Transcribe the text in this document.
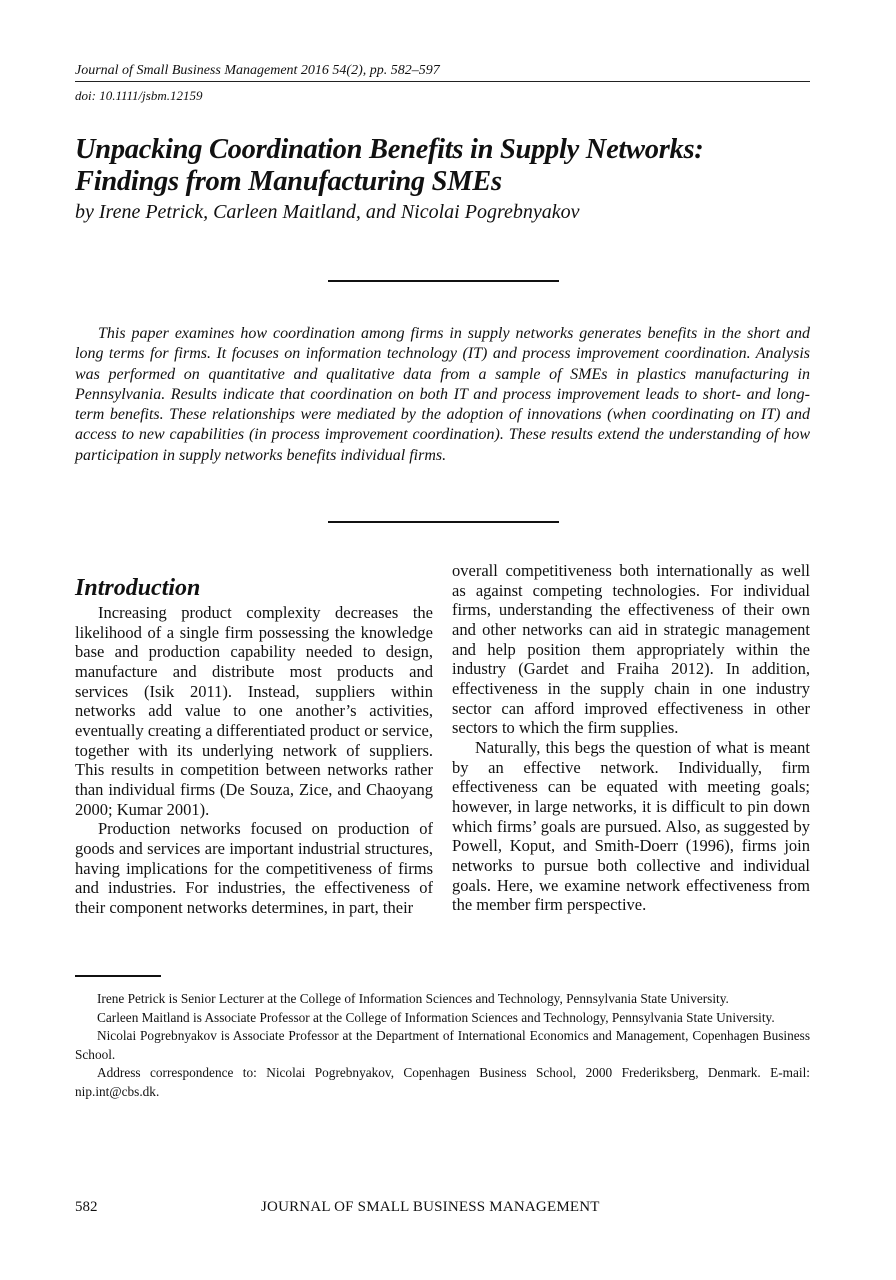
Journal of Small Business Management 2016 54(2), pp. 582–597
doi: 10.1111/jsbm.12159
Unpacking Coordination Benefits in Supply Networks:
Findings from Manufacturing SMEs
by Irene Petrick, Carleen Maitland, and Nicolai Pogrebnyakov
This paper examines how coordination among firms in supply networks generates benefits in the short and long terms for firms. It focuses on information technology (IT) and process improvement coordination. Analysis was performed on quantitative and qualitative data from a sample of SMEs in plastics manufacturing in Pennsylvania. Results indicate that coordination on both IT and process improvement leads to short- and long-term benefits. These relationships were mediated by the adoption of innovations (when coordinating on IT) and access to new capabilities (in process improvement coordination). These results extend the understanding of how participation in supply networks benefits individual firms.
Introduction

Increasing product complexity decreases the likelihood of a single firm possessing the knowledge base and production capability needed to design, manufacture and distribute most products and services (Isik 2011). Instead, suppliers within networks add value to one another’s activities, eventually creating a differentiated product or service, together with its underlying network of suppliers. This results in competition between networks rather than individual firms (De Souza, Zice, and Chaoyang 2000; Kumar 2001).

Production networks focused on production of goods and services are important industrial structures, having implications for the competitiveness of firms and industries. For industries, the effectiveness of their component networks determines, in part, their

overall competitiveness both internationally as well as against competing technologies. For individual firms, understanding the effectiveness of their own and other networks can aid in strategic management and help position them appropriately within the industry (Gardet and Fraiha 2012). In addition, effectiveness in the supply chain in one industry sector can afford improved effectiveness in other sectors to which the firm supplies.

Naturally, this begs the question of what is meant by an effective network. Individually, firm effectiveness can be equated with meeting goals; however, in large networks, it is difficult to pin down which firms’ goals are pursued. Also, as suggested by Powell, Koput, and Smith-Doerr (1996), firms join networks to pursue both collective and individual goals. Here, we examine network effectiveness from the member firm perspective.

Irene Petrick is Senior Lecturer at the College of Information Sciences and Technology, Pennsylvania State University.

Carleen Maitland is Associate Professor at the College of Information Sciences and Technology, Pennsylvania State University.

Nicolai Pogrebnyakov is Associate Professor at the Department of International Economics and Management, Copenhagen Business School.

Address correspondence to: Nicolai Pogrebnyakov, Copenhagen Business School, 2000 Frederiksberg, Denmark. E-mail: nip.int@cbs.dk.

582	JOURNAL OF SMALL BUSINESS MANAGEMENT
